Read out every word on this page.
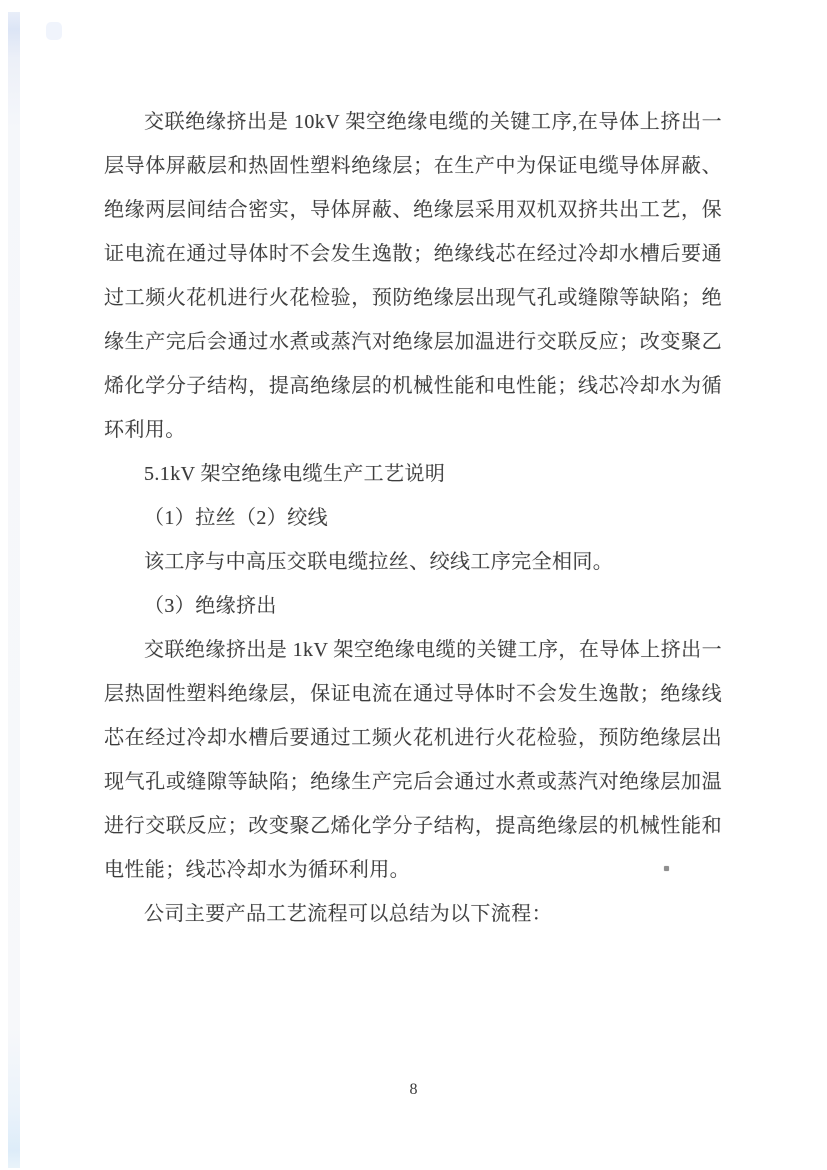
交联绝缘挤出是 10kV 架空绝缘电缆的关键工序,在导体上挤出一

层导体屏蔽层和热固性塑料绝缘层；在生产中为保证电缆导体屏蔽、

绝缘两层间结合密实，导体屏蔽、绝缘层采用双机双挤共出工艺，保

证电流在通过导体时不会发生逸散；绝缘线芯在经过冷却水槽后要通

过工频火花机进行火花检验，预防绝缘层出现气孔或缝隙等缺陷；绝

缘生产完后会通过水煮或蒸汽对绝缘层加温进行交联反应；改变聚乙

烯化学分子结构，提高绝缘层的机械性能和电性能；线芯冷却水为循

环利用。

5.1kV 架空绝缘电缆生产工艺说明

（1）拉丝（2）绞线

该工序与中高压交联电缆拉丝、绞线工序完全相同。

（3）绝缘挤出

交联绝缘挤出是 1kV 架空绝缘电缆的关键工序，在导体上挤出一

层热固性塑料绝缘层，保证电流在通过导体时不会发生逸散；绝缘线

芯在经过冷却水槽后要通过工频火花机进行火花检验，预防绝缘层出

现气孔或缝隙等缺陷；绝缘生产完后会通过水煮或蒸汽对绝缘层加温

进行交联反应；改变聚乙烯化学分子结构，提高绝缘层的机械性能和

电性能；线芯冷却水为循环利用。

公司主要产品工艺流程可以总结为以下流程：

8
